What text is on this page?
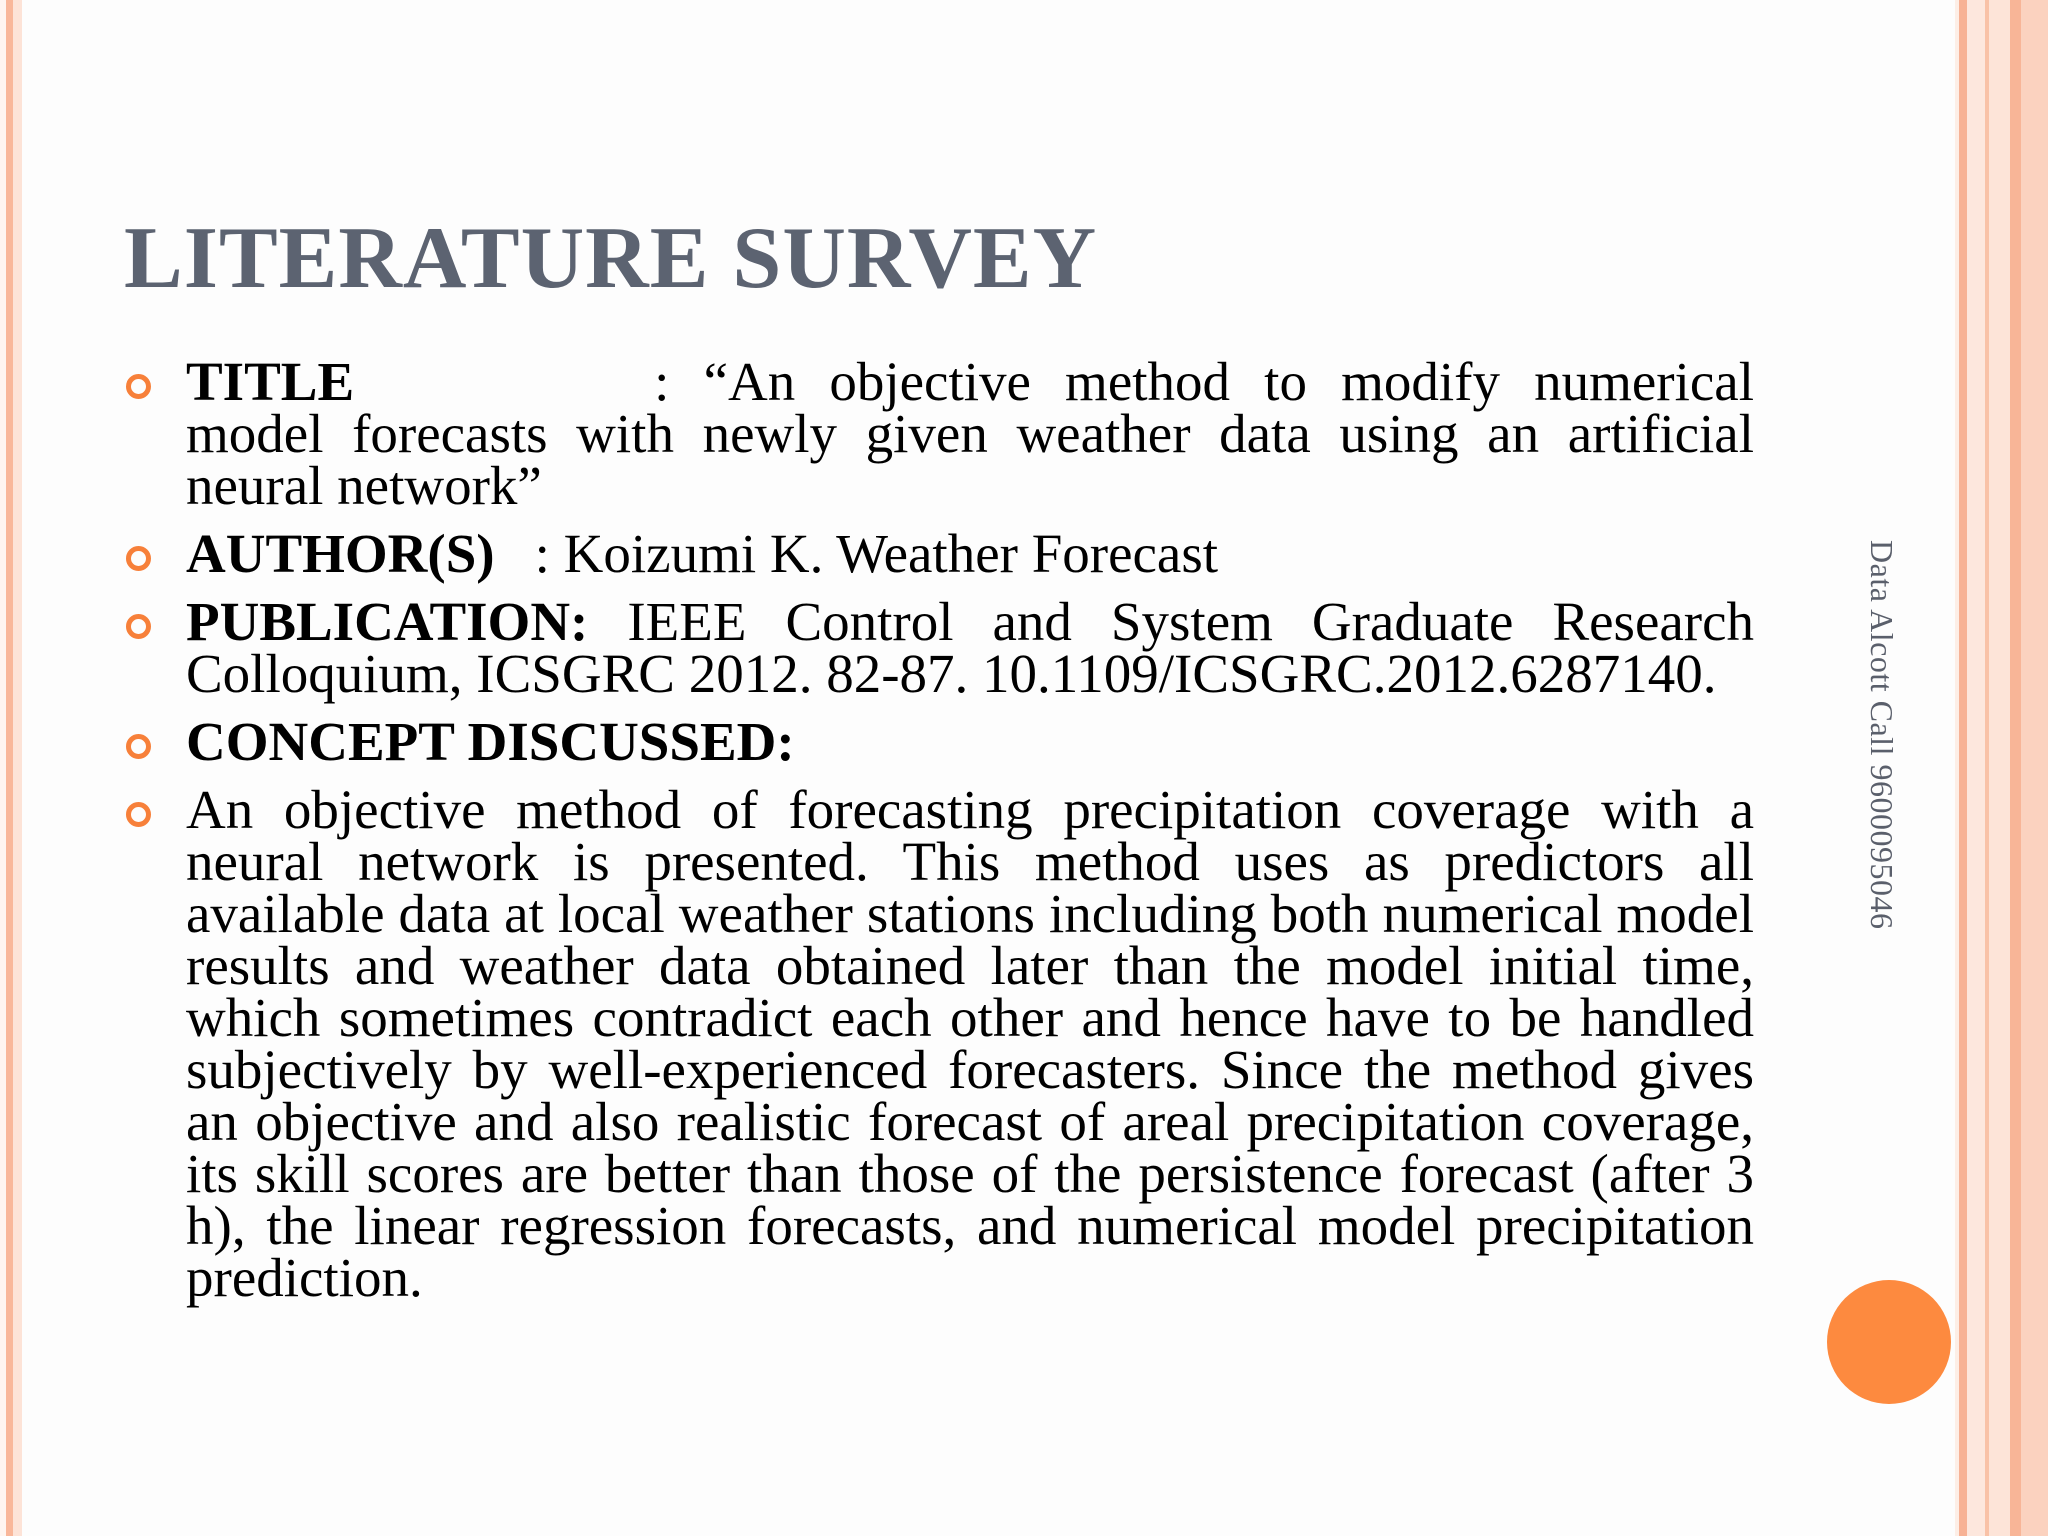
LITERATURE SURVEY
TITLE	: “An objective method to modify numerical model forecasts with newly given weather data using an artificial neural network”
AUTHOR(S) : Koizumi K. Weather Forecast
PUBLICATION: IEEE Control and System Graduate Research Colloquium, ICSGRC 2012. 82-87. 10.1109/ICSGRC.2012.6287140.
CONCEPT DISCUSSED:
An objective method of forecasting precipitation coverage with a neural network is presented. This method uses as predictors all available data at local weather stations including both numerical model results and weather data obtained later than the model initial time, which sometimes contradict each other and hence have to be handled subjectively by well-experienced forecasters. Since the method gives an objective and also realistic forecast of areal precipitation coverage, its skill scores are better than those of the persistence forecast (after 3 h), the linear regression forecasts, and numerical model precipitation prediction.
Data Alcott Call 9600095046
